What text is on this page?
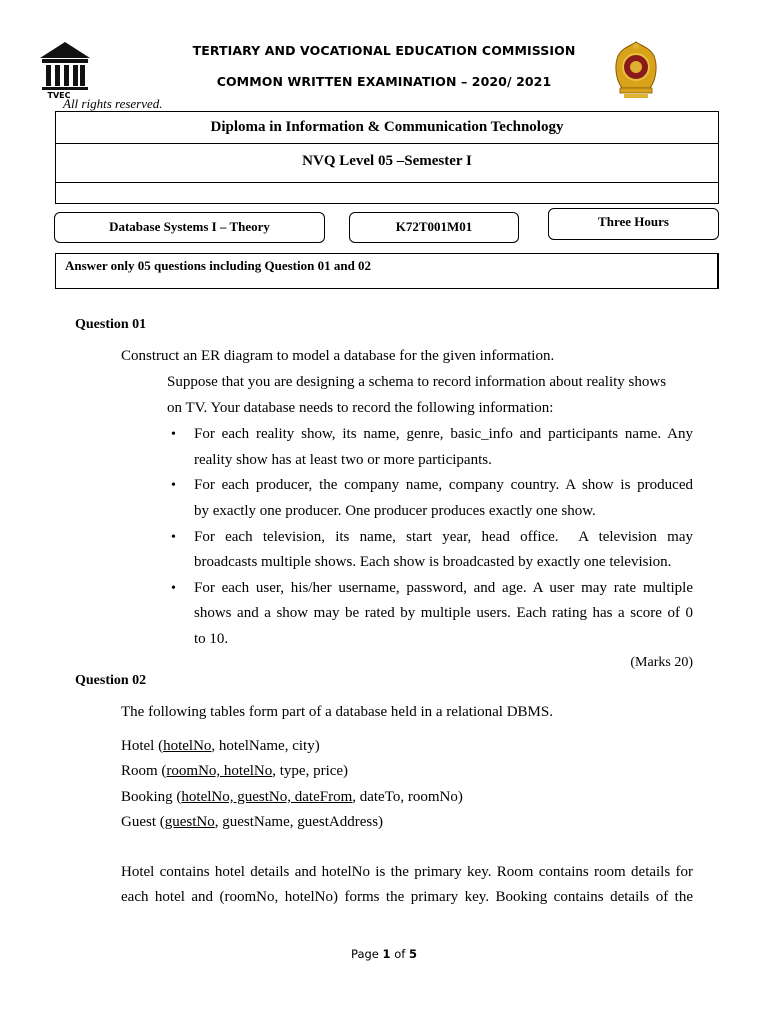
TVEC
TERTIARY AND VOCATIONAL EDUCATION COMMISSION
COMMON WRITTEN EXAMINATION – 2020/ 2021
All rights reserved.
Diploma in Information & Communication Technology
NVQ Level 05 –Semester I
Database Systems I – Theory	K72T001M01	Three Hours
Answer only 05 questions including Question 01 and 02
Question 01
Construct an ER diagram to model a database for the given information.
Suppose that you are designing a schema to record information about reality shows
on TV. Your database needs to record the following information:
• For each reality show, its name, genre, basic_info and participants name. Any
reality show has at least two or more participants.
• For each producer, the company name, company country. A show is produced
by exactly one producer. One producer produces exactly one show.
• For each television, its name, start year, head office.  A television may
broadcasts multiple shows. Each show is broadcasted by exactly one television.
• For each user, his/her username, password, and age. A user may rate multiple
shows and a show may be rated by multiple users. Each rating has a score of 0
to 10.
(Marks 20)
Question 02
The following tables form part of a database held in a relational DBMS.
Hotel (hotelNo, hotelName, city)
Room (roomNo, hotelNo, type, price)
Booking (hotelNo, guestNo, dateFrom, dateTo, roomNo)
Guest (guestNo, guestName, guestAddress)
Hotel contains hotel details and hotelNo is the primary key. Room contains room details for
each hotel and (roomNo, hotelNo) forms the primary key. Booking contains details of the
Page 1 of 5
